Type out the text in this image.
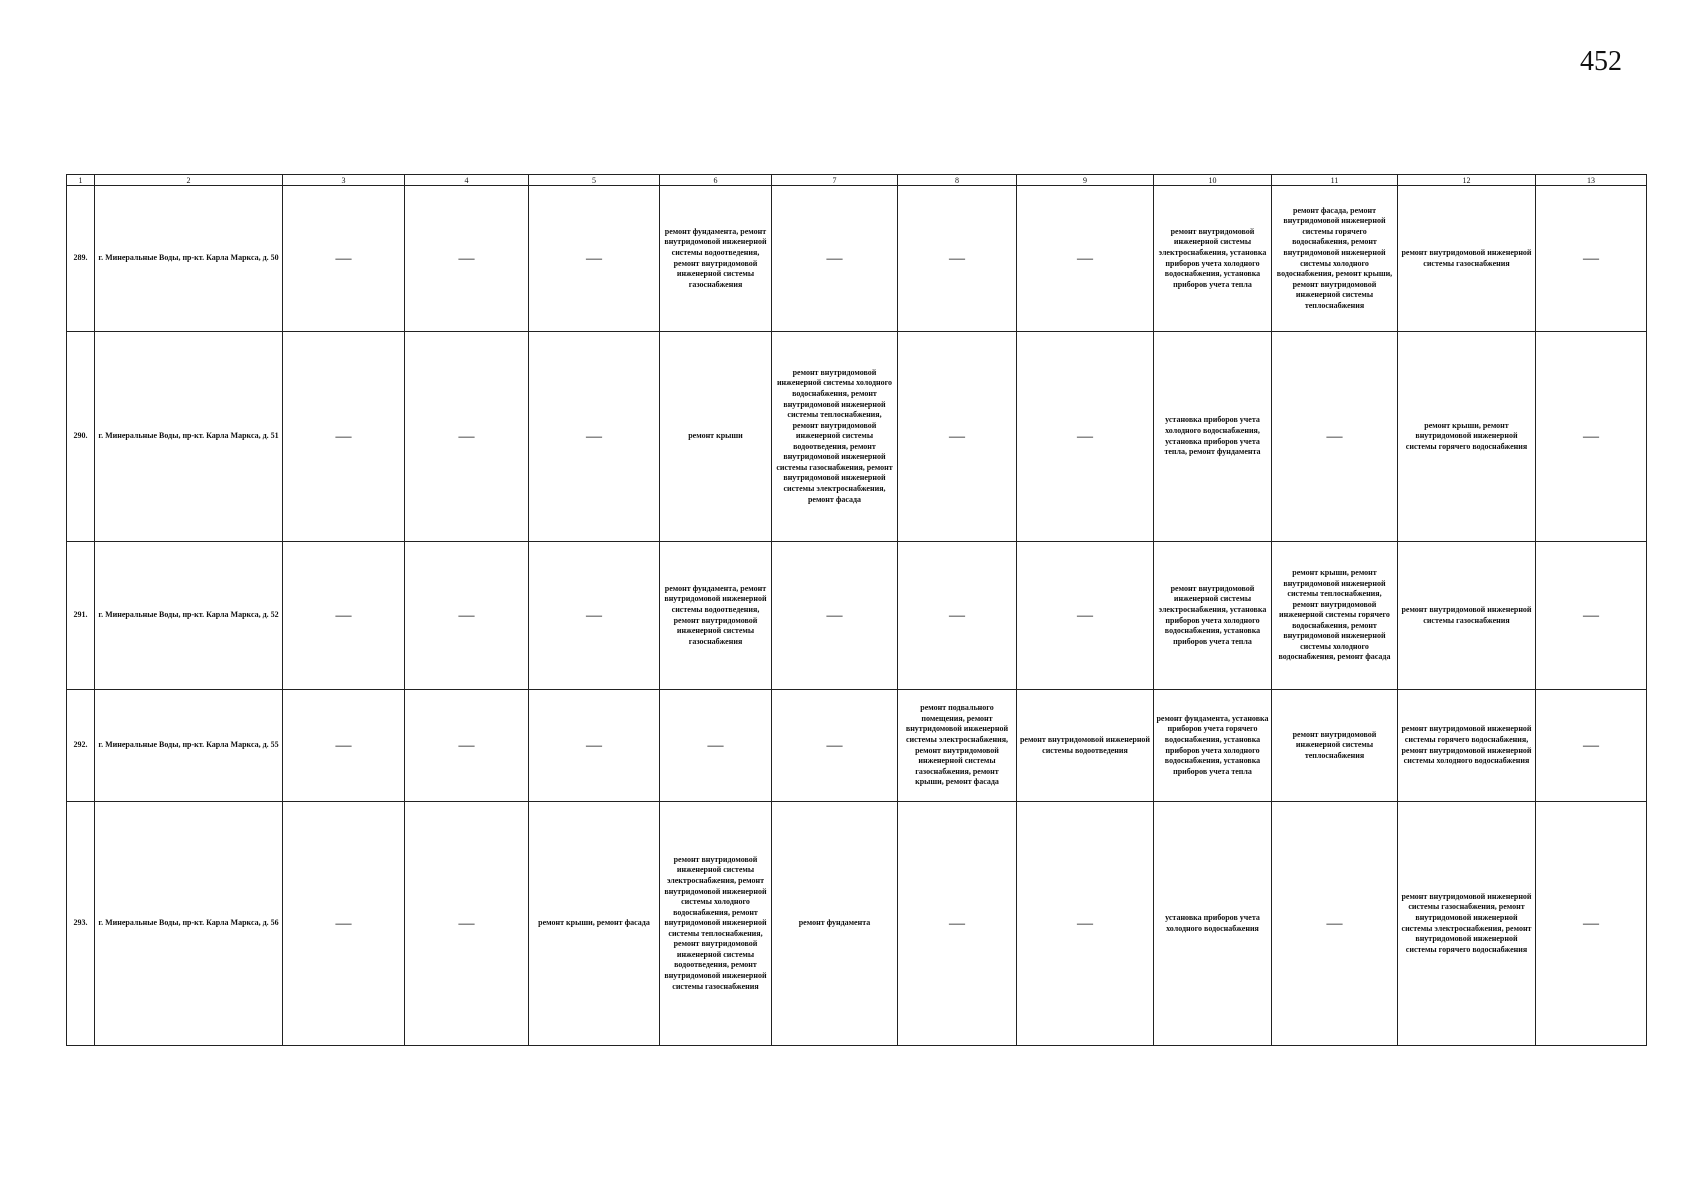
452
1	2	3	4	5	6	7	8	9	10	11	12	13
289.	г. Минеральные Воды, пр-кт. Карла Маркса, д. 50	—	—	—	ремонт фундамента, ремонт внутридомовой инженерной системы водоотведения, ремонт внутридомовой инженерной системы газоснабжения	—	—	—	ремонт внутридомовой инженерной системы электроснабжения, установка приборов учета холодного водоснабжения, установка приборов учета тепла	ремонт фасада, ремонт внутридомовой инженерной системы горячего водоснабжения, ремонт внутридомовой инженерной системы холодного водоснабжения, ремонт крыши, ремонт внутридомовой инженерной системы теплоснабжения	ремонт внутридомовой инженерной системы газоснабжения	—
290.	г. Минеральные Воды, пр-кт. Карла Маркса, д. 51	—	—	—	ремонт крыши	ремонт внутридомовой инженерной системы холодного водоснабжения, ремонт внутридомовой инженерной системы теплоснабжения, ремонт внутридомовой инженерной системы водоотведения, ремонт внутридомовой инженерной системы газоснабжения, ремонт внутридомовой инженерной системы электроснабжения, ремонт фасада	—	—	установка приборов учета холодного водоснабжения, установка приборов учета тепла, ремонт фундамента	—	ремонт крыши, ремонт внутридомовой инженерной системы горячего водоснабжения	—
291.	г. Минеральные Воды, пр-кт. Карла Маркса, д. 52	—	—	—	ремонт фундамента, ремонт внутридомовой инженерной системы водоотведения, ремонт внутридомовой инженерной системы газоснабжения	—	—	—	ремонт внутридомовой инженерной системы электроснабжения, установка приборов учета холодного водоснабжения, установка приборов учета тепла	ремонт крыши, ремонт внутридомовой инженерной системы теплоснабжения, ремонт внутридомовой инженерной системы горячего водоснабжения, ремонт внутридомовой инженерной системы холодного водоснабжения, ремонт фасада	ремонт внутридомовой инженерной системы газоснабжения	—
292.	г. Минеральные Воды, пр-кт. Карла Маркса, д. 55	—	—	—	—	—	ремонт подвального помещения, ремонт внутридомовой инженерной системы электроснабжения, ремонт внутридомовой инженерной системы газоснабжения, ремонт крыши, ремонт фасада	ремонт внутридомовой инженерной системы водоотведения	ремонт фундамента, установка приборов учета горячего водоснабжения, установка приборов учета холодного водоснабжения, установка приборов учета тепла	ремонт внутридомовой инженерной системы теплоснабжения	ремонт внутридомовой инженерной системы горячего водоснабжения, ремонт внутридомовой инженерной системы холодного водоснабжения	—
293.	г. Минеральные Воды, пр-кт. Карла Маркса, д. 56	—	—	ремонт крыши, ремонт фасада	ремонт внутридомовой инженерной системы электроснабжения, ремонт внутридомовой инженерной системы холодного водоснабжения, ремонт внутридомовой инженерной системы теплоснабжения, ремонт внутридомовой инженерной системы водоотведения, ремонт внутридомовой инженерной системы газоснабжения	ремонт фундамента	—	—	установка приборов учета холодного водоснабжения	—	ремонт внутридомовой инженерной системы газоснабжения, ремонт внутридомовой инженерной системы электроснабжения, ремонт внутридомовой инженерной системы горячего водоснабжения	—
